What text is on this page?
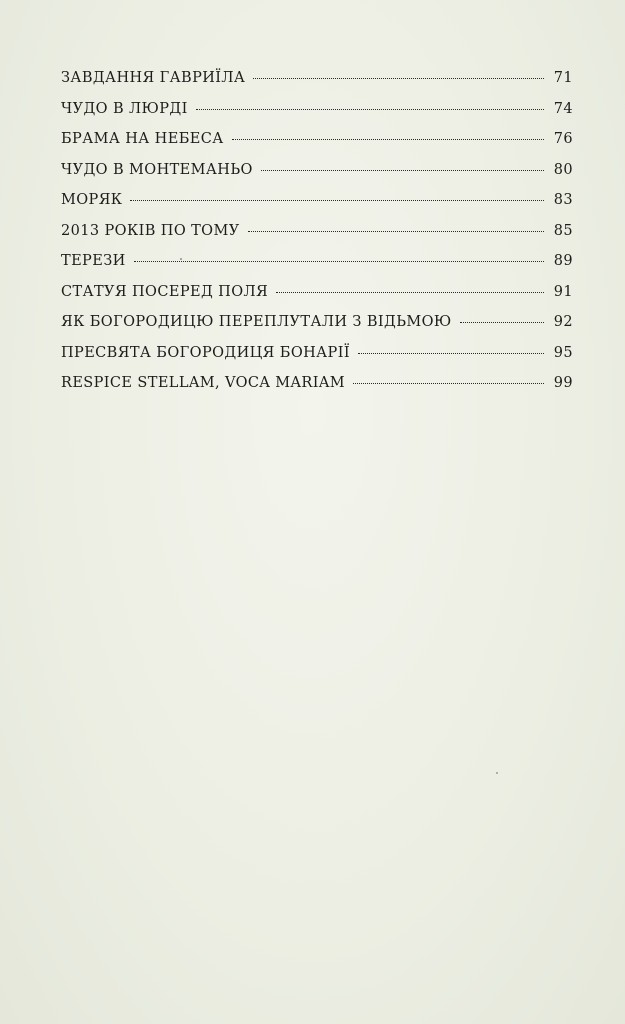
ЗАВДАННЯ ГАВРИЇЛА	71
ЧУДО В ЛЮРДІ	74
БРАМА НА НЕБЕСА	76
ЧУДО В МОНТЕМАНЬО	80
МОРЯК	83
2013 РОКІВ ПО ТОМУ	85
ТЕРЕЗИ	89
СТАТУЯ ПОСЕРЕД ПОЛЯ	91
ЯК БОГОРОДИЦЮ ПЕРЕПЛУТАЛИ З ВІДЬМОЮ	92
ПРЕСВЯТА БОГОРОДИЦЯ БОНАРІЇ	95
RESPICE STELLAM, VOCA MARIAM	99
